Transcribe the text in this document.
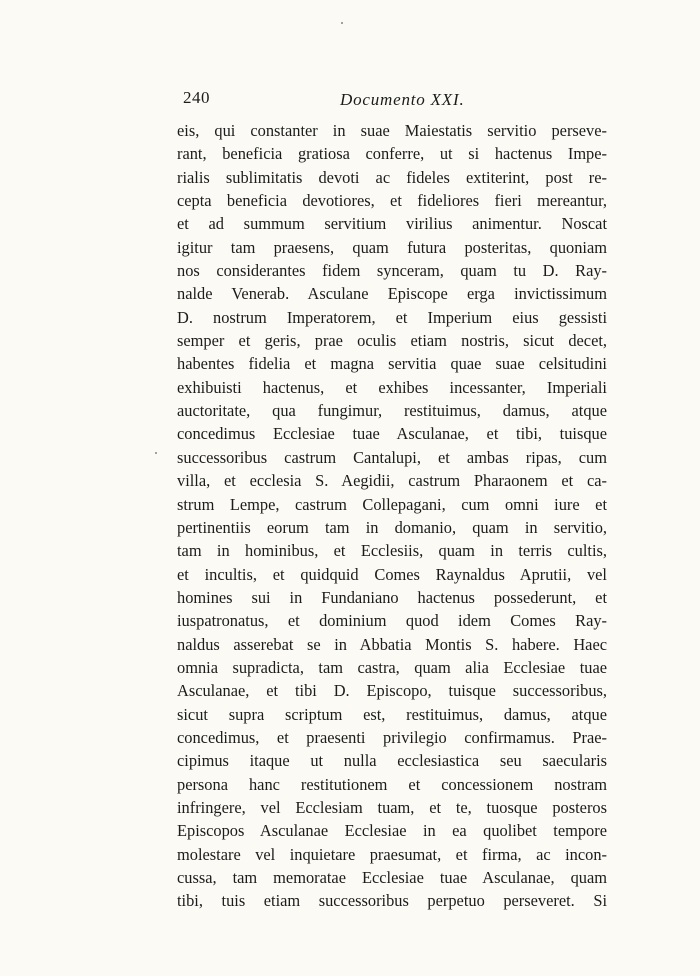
240	Documento XXI.
eis, qui constanter in suae Maiestatis servitio perseve-
rant, beneficia gratiosa conferre, ut si hactenus Impe-
rialis sublimitatis devoti ac fideles extiterint, post re-
cepta beneficia devotiores, et fideliores fieri mereantur,
et ad summum servitium virilius animentur. Noscat
igitur tam praesens, quam futura posteritas, quoniam
nos considerantes fidem synceram, quam tu D. Ray-
nalde Venerab. Asculane Episcope erga invictissimum
D. nostrum Imperatorem, et Imperium eius gessisti
semper et geris, prae oculis etiam nostris, sicut decet,
habentes fidelia et magna servitia quae suae celsitudini
exhibuisti hactenus, et exhibes incessanter, Imperiali
auctoritate, qua fungimur, restituimus, damus, atque
concedimus Ecclesiae tuae Asculanae, et tibi, tuisque
successoribus castrum Cantalupi, et ambas ripas, cum
villa, et ecclesia S. Aegidii, castrum Pharaonem et ca-
strum Lempe, castrum Collepagani, cum omni iure et
pertinentiis eorum tam in domanio, quam in servitio,
tam in hominibus, et Ecclesiis, quam in terris cultis,
et incultis, et quidquid Comes Raynaldus Aprutii, vel
homines sui in Fundaniano hactenus possederunt, et
iuspatronatus, et dominium quod idem Comes Ray-
naldus asserebat se in Abbatia Montis S. habere. Haec
omnia supradicta, tam castra, quam alia Ecclesiae tuae
Asculanae, et tibi D. Episcopo, tuisque successoribus,
sicut supra scriptum est, restituimus, damus, atque
concedimus, et praesenti privilegio confirmamus. Prae-
cipimus itaque ut nulla ecclesiastica seu saecularis
persona hanc restitutionem et concessionem nostram
infringere, vel Ecclesiam tuam, et te, tuosque posteros
Episcopos Asculanae Ecclesiae in ea quolibet tempore
molestare vel inquietare praesumat, et firma, ac incon-
cussa, tam memoratae Ecclesiae tuae Asculanae, quam
tibi, tuis etiam successoribus perpetuo perseveret. Si
